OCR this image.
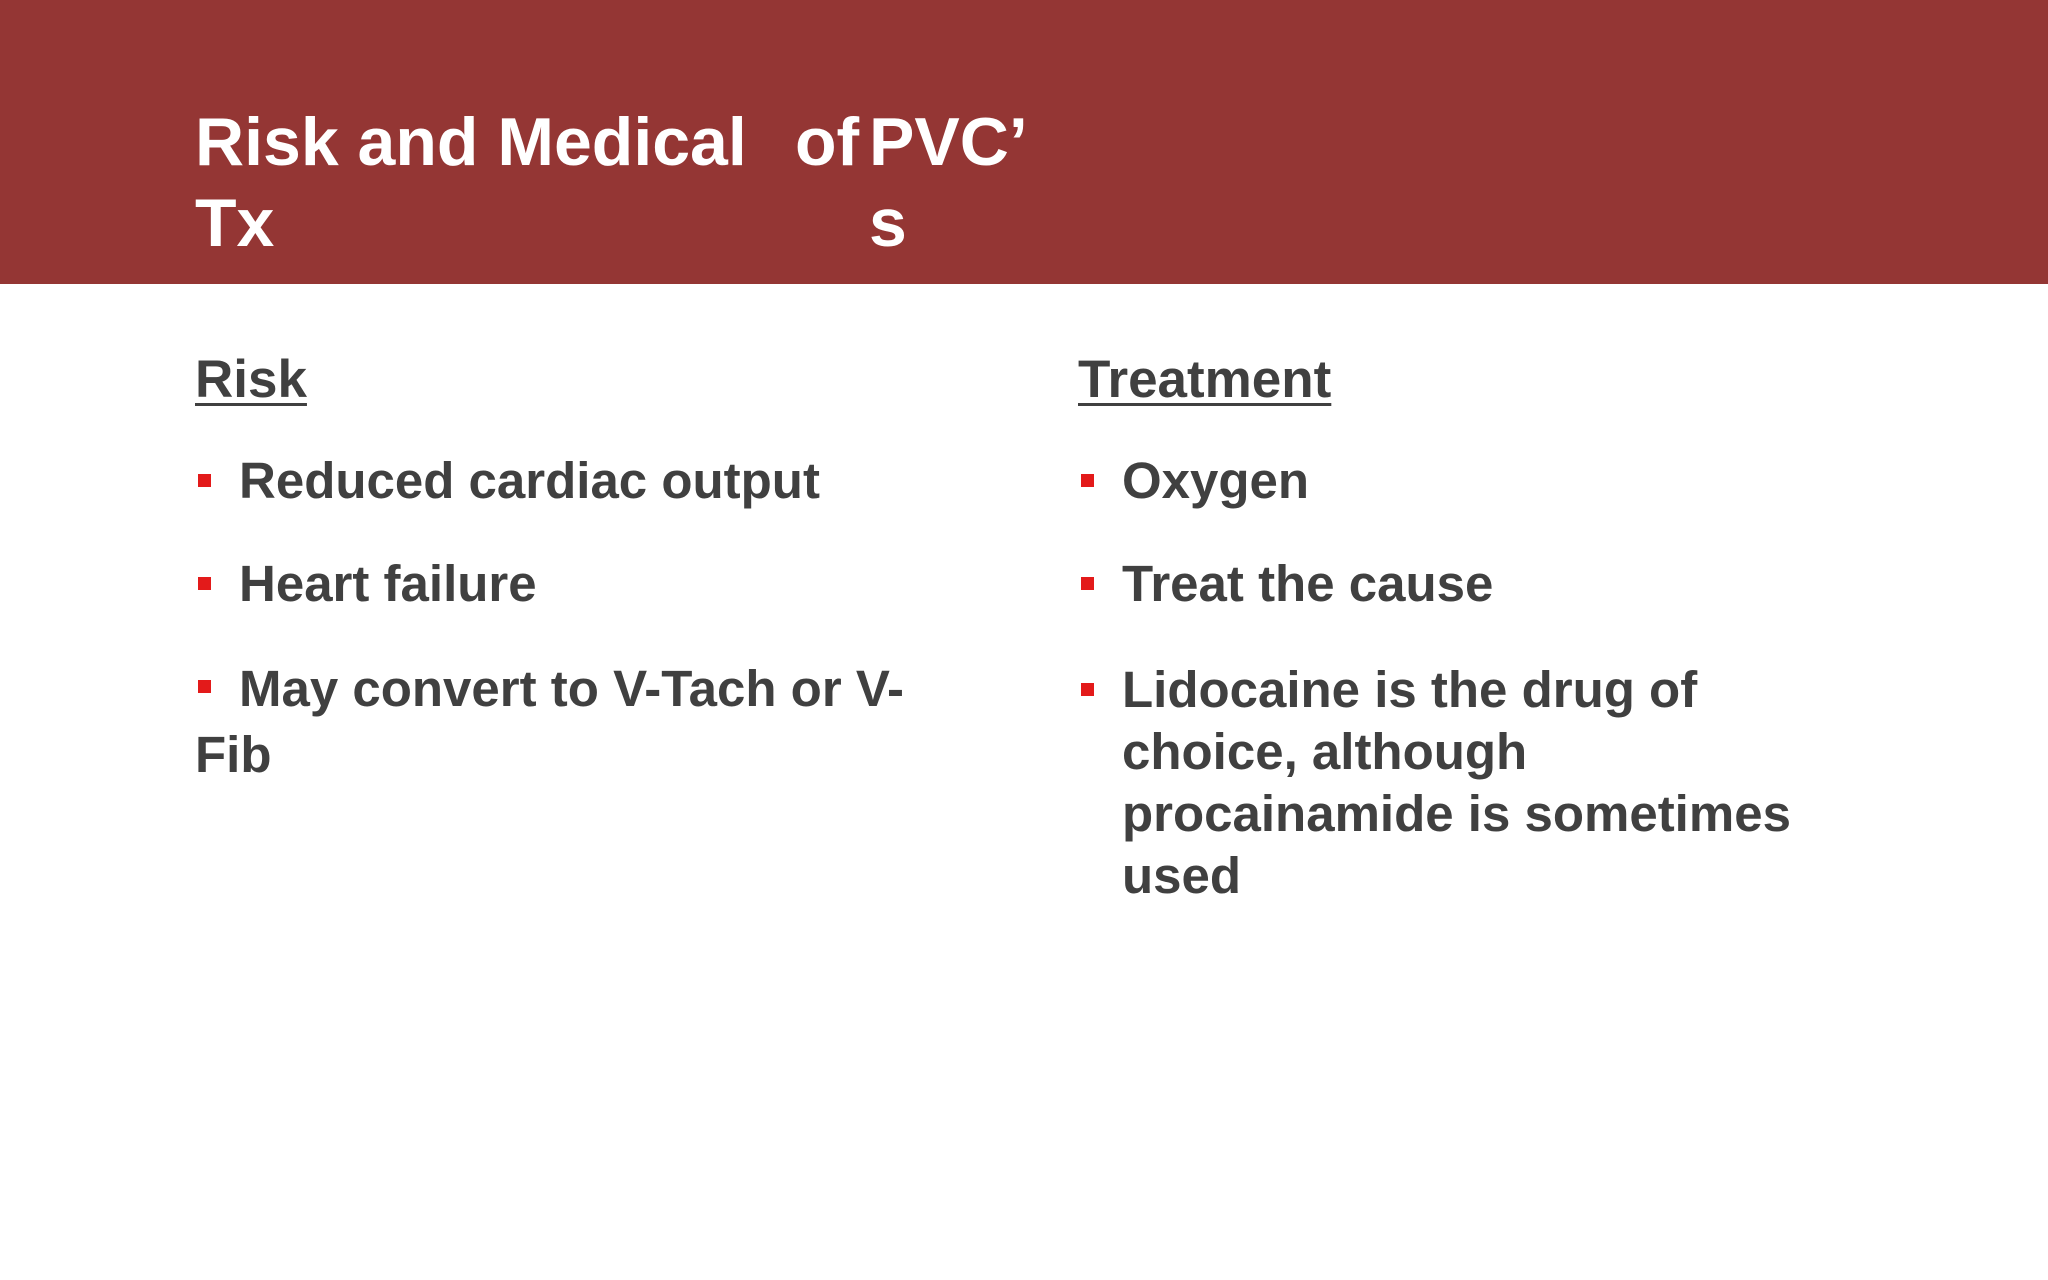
Risk and Medical of PVC’
Tx	s
Risk
Reduced cardiac output
Heart failure
May convert to V-Tach or V-Fib
Treatment
Oxygen
Treat the cause
Lidocaine is the drug of choice, although procainamide is sometimes used
